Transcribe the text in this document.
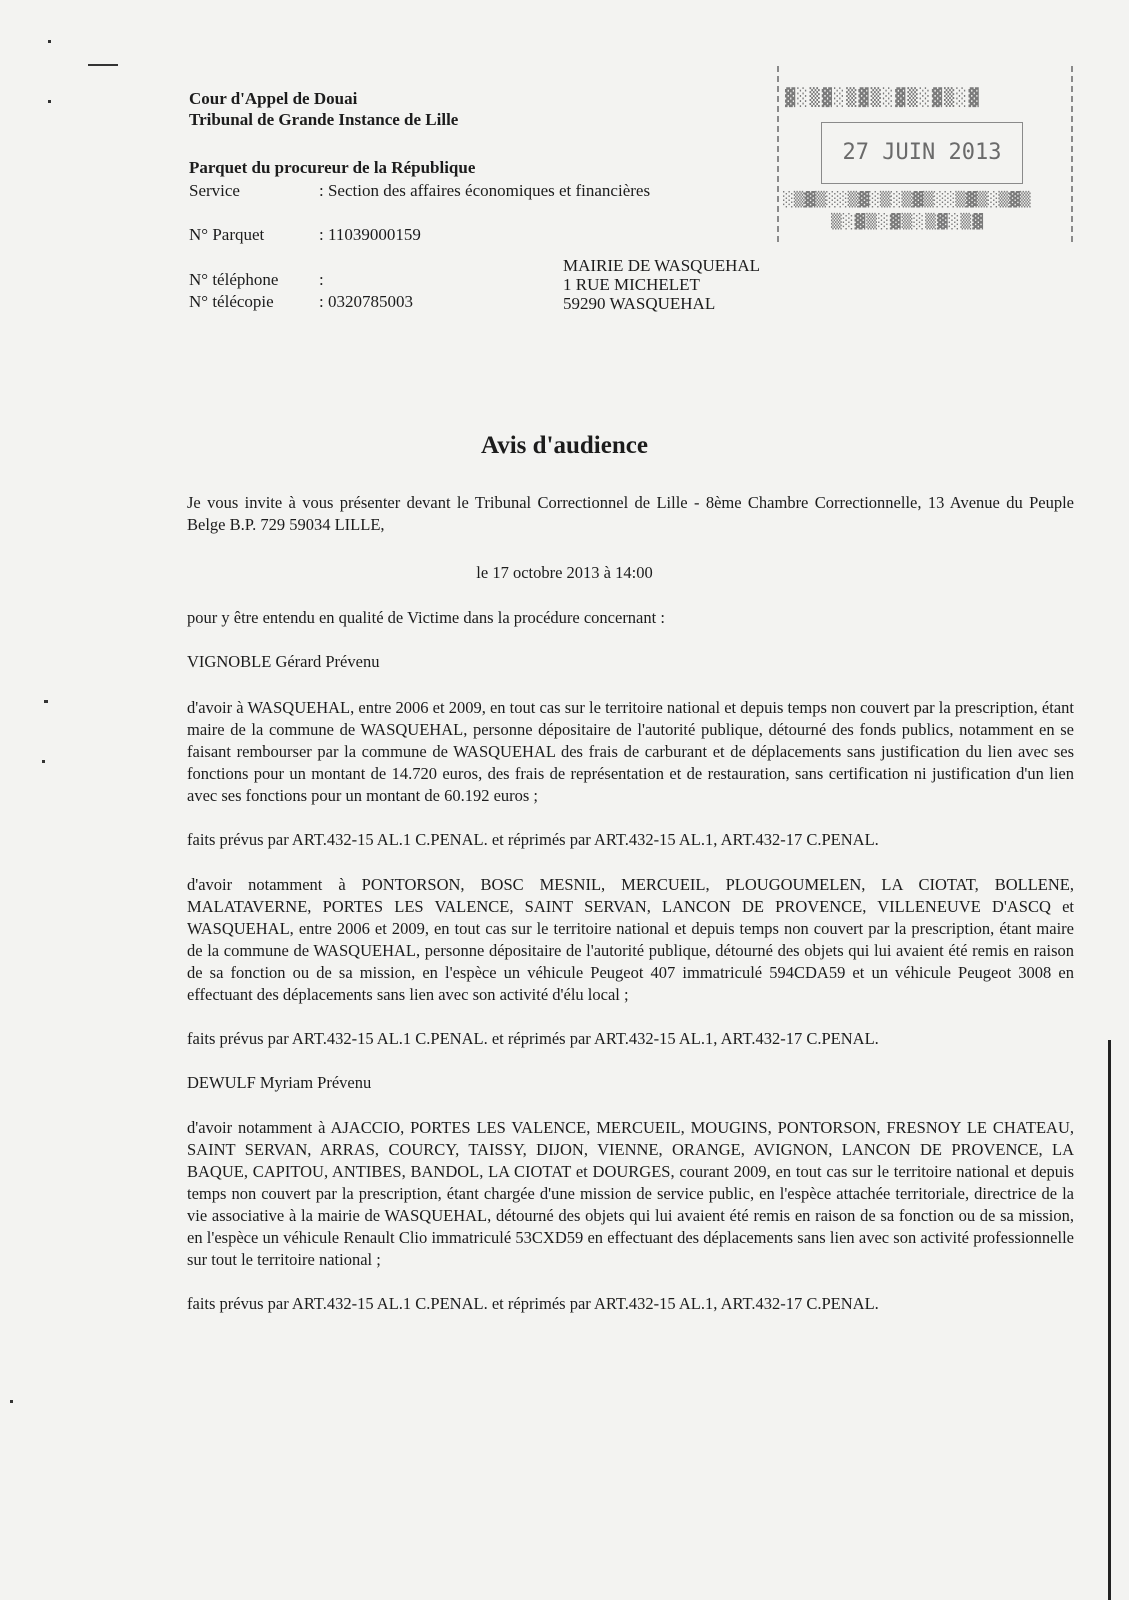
Cour d'Appel de Douai
Tribunal de Grande Instance de Lille
Parquet du procureur de la République
Service	: Section des affaires économiques et financières
N° Parquet	: 11039000159
N° téléphone :
N° télécopie	: 0320785003
MAIRIE DE WASQUEHAL
1 RUE MICHELET
59290 WASQUEHAL
▓░▒▓░▒▓▒░▓▒░▓▒░▓
27 JUIN 2013
░▒▓▒░░▒▓░▒░▒▓▒░░▒▓▒░▒▓▒
▒░▓▒░▓▒░▒▓░▒▓
Avis d'audience
Je vous invite à vous présenter devant le Tribunal Correctionnel de Lille - 8ème Chambre Correctionnelle, 13 Avenue du Peuple Belge B.P. 729 59034 LILLE,
le 17 octobre 2013 à 14:00
pour y être entendu en qualité de Victime dans la procédure concernant :
VIGNOBLE Gérard Prévenu
d'avoir à WASQUEHAL, entre 2006 et 2009, en tout cas sur le territoire national et depuis temps non couvert par la prescription, étant maire de la commune de WASQUEHAL, personne dépositaire de l'autorité publique, détourné des fonds publics, notamment en se faisant rembourser par la commune de WASQUEHAL des frais de carburant et de déplacements sans justification du lien avec ses fonctions pour un montant de 14.720 euros, des frais de représentation et de restauration, sans certification ni justification d'un lien avec ses fonctions pour un montant de 60.192 euros ;
faits prévus par ART.432-15 AL.1 C.PENAL. et réprimés par ART.432-15 AL.1, ART.432-17 C.PENAL.
d'avoir notamment à PONTORSON, BOSC MESNIL, MERCUEIL, PLOUGOUMELEN, LA CIOTAT, BOLLENE, MALATAVERNE, PORTES LES VALENCE, SAINT SERVAN, LANCON DE PROVENCE, VILLENEUVE D'ASCQ et WASQUEHAL, entre 2006 et 2009, en tout cas sur le territoire national et depuis temps non couvert par la prescription, étant maire de la commune de WASQUEHAL, personne dépositaire de l'autorité publique, détourné des objets qui lui avaient été remis en raison de sa fonction ou de sa mission, en l'espèce un véhicule Peugeot 407 immatriculé 594CDA59 et un véhicule Peugeot 3008 en effectuant des déplacements sans lien avec son activité d'élu local ;
faits prévus par ART.432-15 AL.1 C.PENAL. et réprimés par ART.432-15 AL.1, ART.432-17 C.PENAL.
DEWULF Myriam Prévenu
d'avoir notamment à AJACCIO, PORTES LES VALENCE, MERCUEIL, MOUGINS, PONTORSON, FRESNOY LE CHATEAU, SAINT SERVAN, ARRAS, COURCY, TAISSY, DIJON, VIENNE, ORANGE, AVIGNON, LANCON DE PROVENCE, LA BAQUE, CAPITOU, ANTIBES, BANDOL, LA CIOTAT et DOURGES, courant 2009, en tout cas sur le territoire national et depuis temps non couvert par la prescription, étant chargée d'une mission de service public, en l'espèce attachée territoriale, directrice de la vie associative à la mairie de WASQUEHAL, détourné des objets qui lui avaient été remis en raison de sa fonction ou de sa mission, en l'espèce un véhicule Renault Clio immatriculé 53CXD59 en effectuant des déplacements sans lien avec son activité professionnelle sur tout le territoire national ;
faits prévus par ART.432-15 AL.1 C.PENAL. et réprimés par ART.432-15 AL.1, ART.432-17 C.PENAL.
